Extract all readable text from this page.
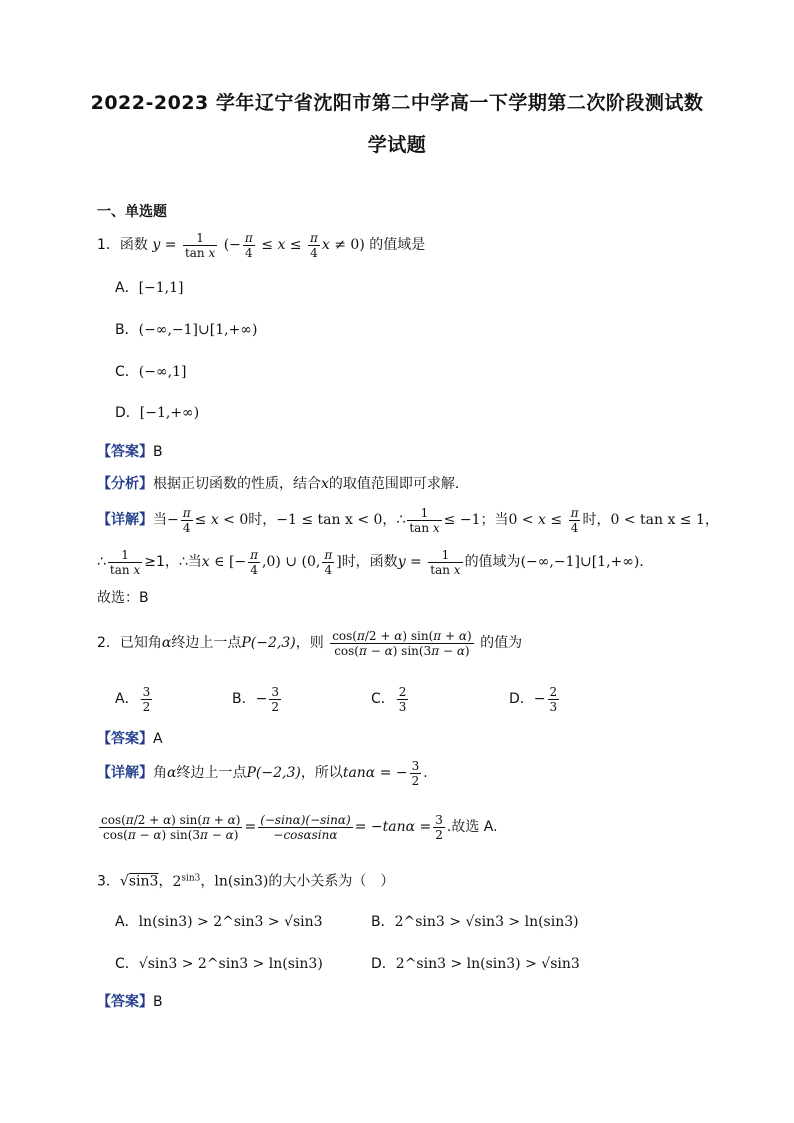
2022-2023 学年辽宁省沈阳市第二中学高一下学期第二次阶段测试数
学试题
一、单选题
1．函数 $y = \frac{1}{\text{tan x}}$ (− $\frac{\pi}{4} \le x \le \frac{\pi}{4}$ x ≠ 0) 的值域是
A．[−1,1]
B．(−∞,−1]∪[1,+∞)
C．(−∞,1]
D．[−1,+∞)
【答案】B
【分析】根据正切函数的性质，结合x的取值范围即可求解．
【详解】当− $\frac{\pi}{4} \le x < 0$时，−1 ≤ tan x < 0，∴ $\frac{1}{\text{tan x}} \le -1$；当$0 < x \le \frac{\pi}{4}$ 时，0 < tan x ≤ 1，
∴ $\frac{1}{\text{tan x}} \ge 1$，∴当x ∈ [− $\frac{\pi}{4} ,0$) ∪ (0, $\frac{\pi}{4}$ ]时，函数$y = \frac{1}{\text{tan x}}$ 的值域为(−∞,−1]∪[1,+∞)．
故选：B
2．已知角α终边上一点P(−2,3)，则 $\frac{\cos(\pi/2 + \alpha) \sin(\pi + \alpha)}{\cos(\pi - \alpha) \sin(3\pi - \alpha)}$ 的值为
A． $\frac{3}{2}$	B．− $\frac{3}{2}$	C． $\frac{2}{3}$	D．− $\frac{2}{3}$
【答案】A
【详解】角α终边上一点P(−2,3)，所以tanα = − $\frac{3}{2}$ .
$\frac{\cos(\pi/2 + \alpha) \sin(\pi + \alpha)}{\cos(\pi - \alpha) \sin(3\pi - \alpha)} = \frac{(-\sin\alpha)(-\sin\alpha)}{-\cos\alpha\sin\alpha} = -\tan\alpha = \frac{3}{2}$ .故选 A.
3．√sin3，$2^{sin3}$，ln(sin3)的大小关系为（　）
A．ln(sin3) > 2^sin3 > √sin3	B．2^sin3 > √sin3 > ln(sin3)
C．√sin3 > 2^sin3 > ln(sin3)	D．2^sin3 > ln(sin3) > √sin3
【答案】B
